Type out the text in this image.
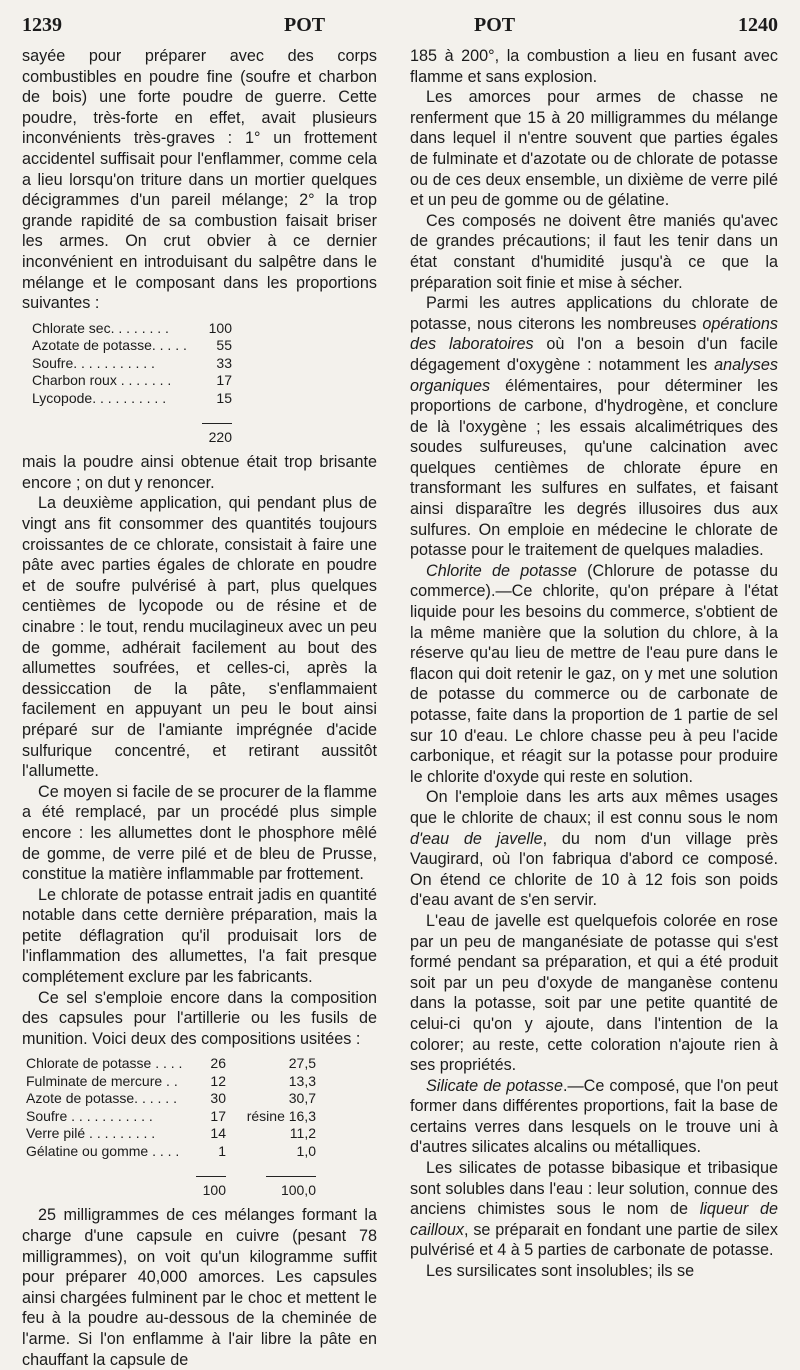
1239	POT	POT	1240

sayée pour préparer avec des corps combustibles en poudre fine (soufre et charbon de bois) une forte poudre de guerre. Cette poudre, très-forte en effet, avait plusieurs inconvénients très-graves : 1° un frottement accidentel suffisait pour l'enflammer, comme cela a lieu lorsqu'on triture dans un mortier quelques décigrammes d'un pareil mélange; 2° la trop grande rapidité de sa combustion faisait briser les armes. On crut obvier à ce dernier inconvénient en introduisant du salpêtre dans le mélange et le composant dans les proportions suivantes :

Chlorate sec. . . . . . . .	100
Azotate de potasse. . . . .	55
Soufre. . . . . . . . . . .	33
Charbon roux . . . . . . .	17
Lycopode. . . . . . . . . .	15

220

mais la poudre ainsi obtenue était trop brisante encore ; on dut y renoncer.

La deuxième application, qui pendant plus de vingt ans fit consommer des quantités toujours croissantes de ce chlorate, consistait à faire une pâte avec parties égales de chlorate en poudre et de soufre pulvérisé à part, plus quelques centièmes de lycopode ou de résine et de cinabre : le tout, rendu mucilagineux avec un peu de gomme, adhérait facilement au bout des allumettes soufrées, et celles-ci, après la dessiccation de la pâte, s'enflammaient facilement en appuyant un peu le bout ainsi préparé sur de l'amiante imprégnée d'acide sulfurique concentré, et retirant aussitôt l'allumette.

Ce moyen si facile de se procurer de la flamme a été remplacé, par un procédé plus simple encore : les allumettes dont le phosphore mêlé de gomme, de verre pilé et de bleu de Prusse, constitue la matière inflammable par frottement.

Le chlorate de potasse entrait jadis en quantité notable dans cette dernière préparation, mais la petite déflagration qu'il produisait lors de l'inflammation des allumettes, l'a fait presque complétement exclure par les fabricants.

Ce sel s'emploie encore dans la composition des capsules pour l'artillerie ou les fusils de munition. Voici deux des compositions usitées :

Chlorate de potasse . . . .	26	27,5
Fulminate de mercure . .	12	13,3
Azote de potasse. . . . . .	30	30,7
Soufre . . . . . . . . . . .	17	résine 16,3
Verre pilé . . . . . . . . .	14	11,2
Gélatine ou gomme . . . .	1	1,0

100	100,0

25 milligrammes de ces mélanges formant la charge d'une capsule en cuivre (pesant 78 milligrammes), on voit qu'un kilogramme suffit pour préparer 40,000 amorces. Les capsules ainsi chargées fulminent par le choc et mettent le feu à la poudre au-dessous de la cheminée de l'arme. Si l'on enflamme à l'air libre la pâte en chauffant la capsule de

185 à 200°, la combustion a lieu en fusant avec flamme et sans explosion.

Les amorces pour armes de chasse ne renferment que 15 à 20 milligrammes du mélange dans lequel il n'entre souvent que parties égales de fulminate et d'azotate ou de chlorate de potasse ou de ces deux ensemble, un dixième de verre pilé et un peu de gomme ou de gélatine.

Ces composés ne doivent être maniés qu'avec de grandes précautions; il faut les tenir dans un état constant d'humidité jusqu'à ce que la préparation soit finie et mise à sécher.

Parmi les autres applications du chlorate de potasse, nous citerons les nombreuses opérations des laboratoires où l'on a besoin d'un facile dégagement d'oxygène : notamment les analyses organiques élémentaires, pour déterminer les proportions de carbone, d'hydrogène, et conclure de là l'oxygène ; les essais alcalimétriques des soudes sulfureuses, qu'une calcination avec quelques centièmes de chlorate épure en transformant les sulfures en sulfates, et faisant ainsi disparaître les degrés illusoires dus aux sulfures. On emploie en médecine le chlorate de potasse pour le traitement de quelques maladies.

Chlorite de potasse (Chlorure de potasse du commerce).—Ce chlorite, qu'on prépare à l'état liquide pour les besoins du commerce, s'obtient de la même manière que la solution du chlore, à la réserve qu'au lieu de mettre de l'eau pure dans le flacon qui doit retenir le gaz, on y met une solution de potasse du commerce ou de carbonate de potasse, faite dans la proportion de 1 partie de sel sur 10 d'eau. Le chlore chasse peu à peu l'acide carbonique, et réagit sur la potasse pour produire le chlorite d'oxyde qui reste en solution.

On l'emploie dans les arts aux mêmes usages que le chlorite de chaux; il est connu sous le nom d'eau de javelle, du nom d'un village près Vaugirard, où l'on fabriqua d'abord ce composé. On étend ce chlorite de 10 à 12 fois son poids d'eau avant de s'en servir.

L'eau de javelle est quelquefois colorée en rose par un peu de manganésiate de potasse qui s'est formé pendant sa préparation, et qui a été produit soit par un peu d'oxyde de manganèse contenu dans la potasse, soit par une petite quantité de celui-ci qu'on y ajoute, dans l'intention de la colorer; au reste, cette coloration n'ajoute rien à ses propriétés.

Silicate de potasse.—Ce composé, que l'on peut former dans différentes proportions, fait la base de certains verres dans lesquels on le trouve uni à d'autres silicates alcalins ou métalliques.

Les silicates de potasse bibasique et tribasique sont solubles dans l'eau : leur solution, connue des anciens chimistes sous le nom de liqueur de cailloux, se préparait en fondant une partie de silex pulvérisé et 4 à 5 parties de carbonate de potasse.

Les sursilicates sont insolubles; ils se
